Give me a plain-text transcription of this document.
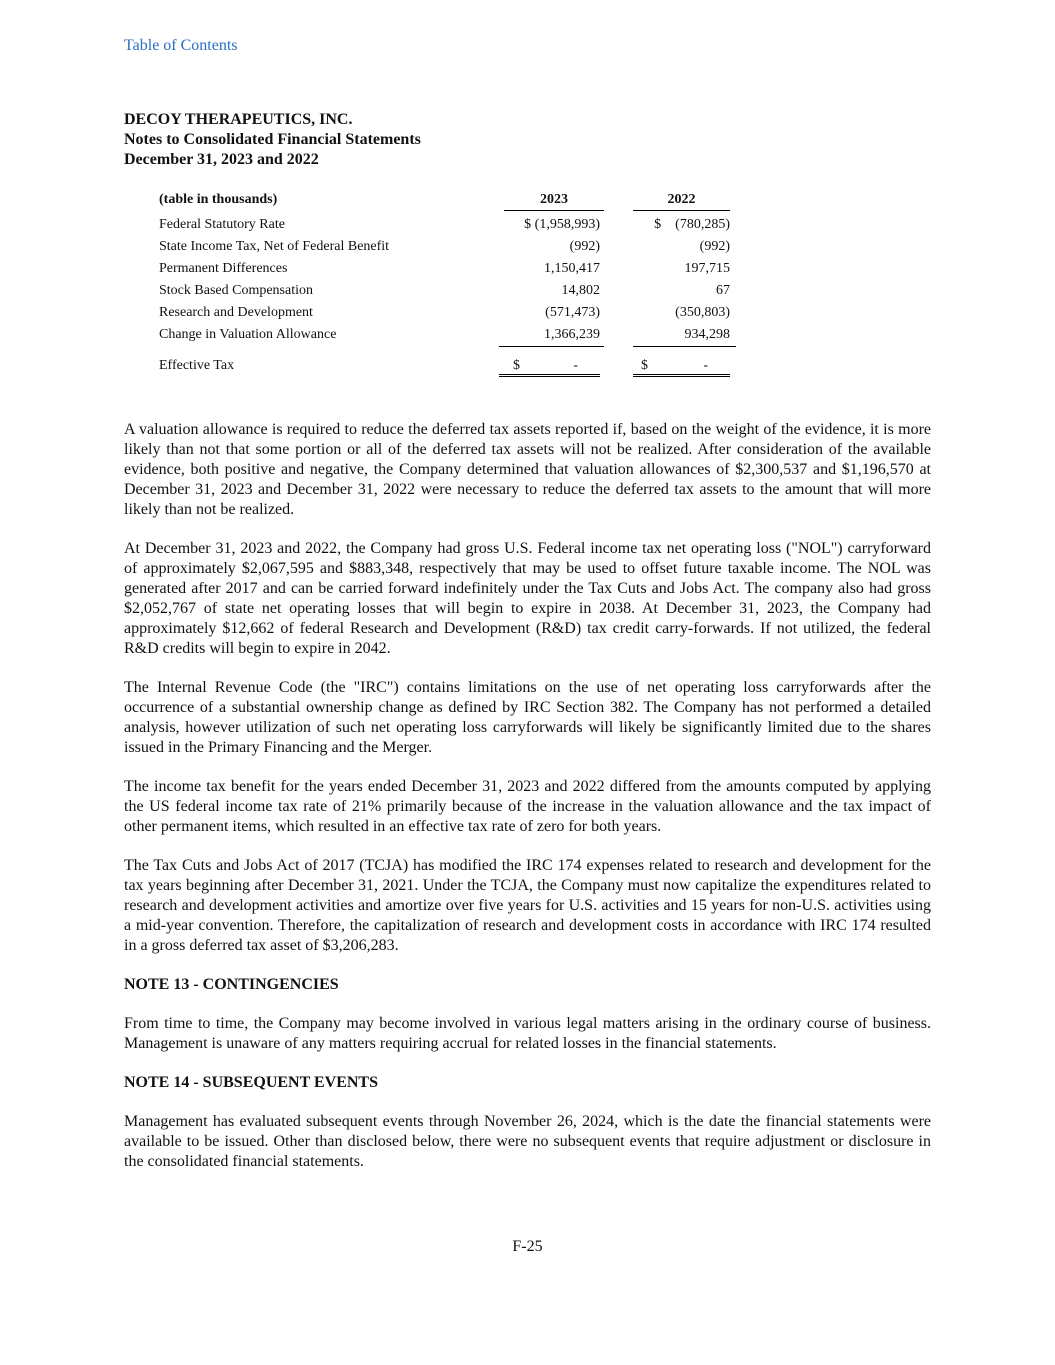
Table of Contents
DECOY THERAPEUTICS, INC.
Notes to Consolidated Financial Statements
December 31, 2023 and 2022
(table in thousands)	2023	2022
Federal Statutory Rate	$ (1,958,993)	$    (780,285)
State Income Tax, Net of Federal Benefit	(992)	(992)
Permanent Differences	1,150,417	197,715
Stock Based Compensation	14,802	67
Research and Development	(571,473)	(350,803)
Change in Valuation Allowance	1,366,239	934,298
Effective Tax	$	-	$	-

A valuation allowance is required to reduce the deferred tax assets reported if, based on the weight of the evidence, it is more likely than not that some portion or all of the deferred tax assets will not be realized. After consideration of the available evidence, both positive and negative, the Company determined that valuation allowances of $2,300,537 and $1,196,570 at December 31, 2023 and December 31, 2022 were necessary to reduce the deferred tax assets to the amount that will more likely than not be realized.

At December 31, 2023 and 2022, the Company had gross U.S. Federal income tax net operating loss ("NOL") carryforward of approximately $2,067,595 and $883,348, respectively that may be used to offset future taxable income. The NOL was generated after 2017 and can be carried forward indefinitely under the Tax Cuts and Jobs Act. The company also had gross $2,052,767 of state net operating losses that will begin to expire in 2038. At December 31, 2023, the Company had approximately $12,662 of federal Research and Development (R&D) tax credit carry-forwards. If not utilized, the federal R&D credits will begin to expire in 2042.

The Internal Revenue Code (the "IRC") contains limitations on the use of net operating loss carryforwards after the occurrence of a substantial ownership change as defined by IRC Section 382. The Company has not performed a detailed analysis, however utilization of such net operating loss carryforwards will likely be significantly limited due to the shares issued in the Primary Financing and the Merger.

The income tax benefit for the years ended December 31, 2023 and 2022 differed from the amounts computed by applying the US federal income tax rate of 21% primarily because of the increase in the valuation allowance and the tax impact of other permanent items, which resulted in an effective tax rate of zero for both years.

The Tax Cuts and Jobs Act of 2017 (TCJA) has modified the IRC 174 expenses related to research and development for the tax years beginning after December 31, 2021. Under the TCJA, the Company must now capitalize the expenditures related to research and development activities and amortize over five years for U.S. activities and 15 years for non-U.S. activities using a mid-year convention. Therefore, the capitalization of research and development costs in accordance with IRC 174 resulted in a gross deferred tax asset of $3,206,283.

NOTE 13 - CONTINGENCIES

From time to time, the Company may become involved in various legal matters arising in the ordinary course of business. Management is unaware of any matters requiring accrual for related losses in the financial statements.

NOTE 14 - SUBSEQUENT EVENTS

Management has evaluated subsequent events through November 26, 2024, which is the date the financial statements were available to be issued. Other than disclosed below, there were no subsequent events that require adjustment or disclosure in the consolidated financial statements.

F-25
